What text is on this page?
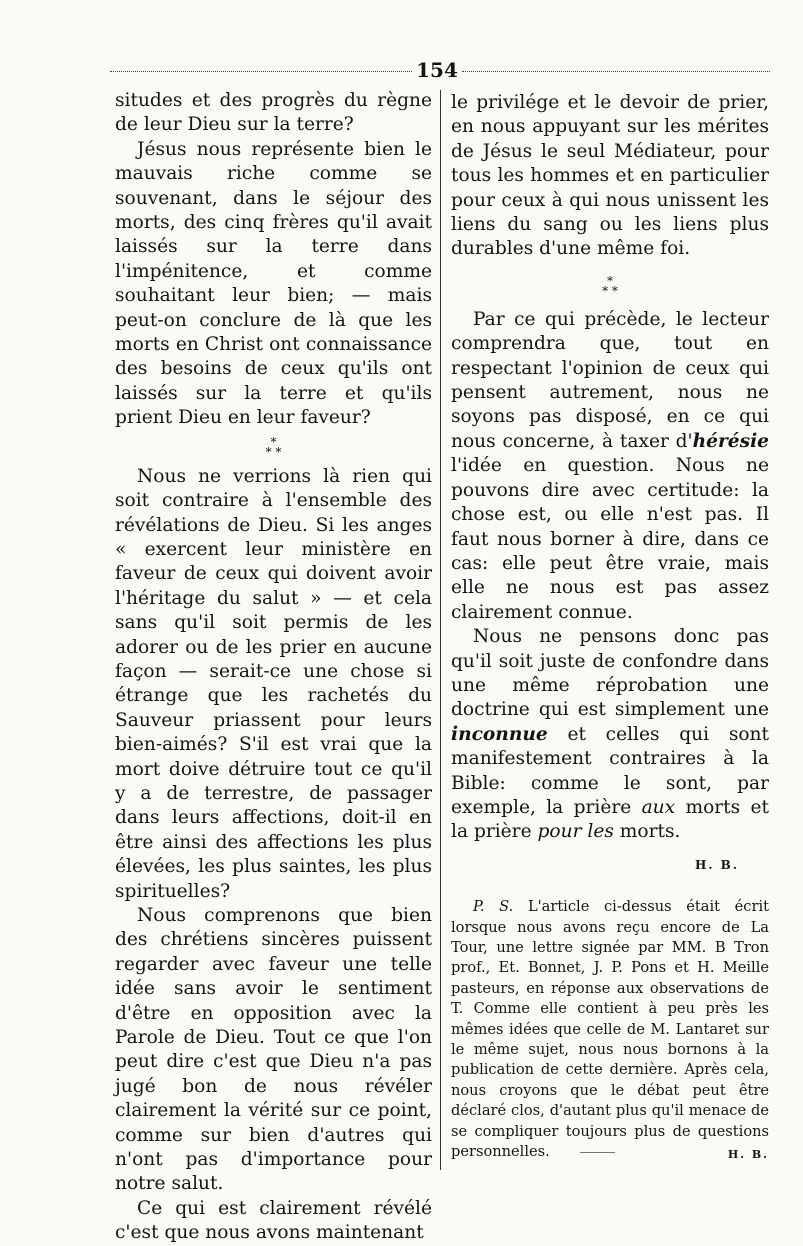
154

situdes et des progrès du règne de leur Dieu sur la terre?

Jésus nous représente bien le mauvais riche comme se souvenant, dans le séjour des morts, des cinq frères qu'il avait laissés sur la terre dans l'impénitence, et comme souhaitant leur bien; — mais peut-on conclure de là que les morts en Christ ont connaissance des besoins de ceux qu'ils ont laissés sur la terre et qu'ils prient Dieu en leur faveur?

*
* *

Nous ne verrions là rien qui soit contraire à l'ensemble des révélations de Dieu. Si les anges « exercent leur ministère en faveur de ceux qui doivent avoir l'héritage du salut » — et cela sans qu'il soit permis de les adorer ou de les prier en aucune façon — serait-ce une chose si étrange que les rachetés du Sauveur priassent pour leurs bien-aimés? S'il est vrai que la mort doive détruire tout ce qu'il y a de terrestre, de passager dans leurs affections, doit-il en être ainsi des affections les plus élevées, les plus saintes, les plus spirituelles?

Nous comprenons que bien des chrétiens sincères puissent regarder avec faveur une telle idée sans avoir le sentiment d'être en opposition avec la Parole de Dieu. Tout ce que l'on peut dire c'est que Dieu n'a pas jugé bon de nous révéler clairement la vérité sur ce point, comme sur bien d'autres qui n'ont pas d'importance pour notre salut.

Ce qui est clairement révélé c'est que nous avons maintenant

le privilége et le devoir de prier, en nous appuyant sur les mérites de Jésus le seul Médiateur, pour tous les hommes et en particulier pour ceux à qui nous unissent les liens du sang ou les liens plus durables d'une même foi.

*
* *

Par ce qui précède, le lecteur comprendra que, tout en respectant l'opinion de ceux qui pensent autrement, nous ne soyons pas disposé, en ce qui nous concerne, à taxer d'hérésie l'idée en question. Nous ne pouvons dire avec certitude: la chose est, ou elle n'est pas. Il faut nous borner à dire, dans ce cas: elle peut être vraie, mais elle ne nous est pas assez clairement connue.

Nous ne pensons donc pas qu'il soit juste de confondre dans une même réprobation une doctrine qui est simplement une inconnue et celles qui sont manifestement contraires à la Bible: comme le sont, par exemple, la prière aux morts et la prière pour les morts.

H. B.

P. S. L'article ci-dessus était écrit lorsque nous avons reçu encore de La Tour, une lettre signée par MM. B Tron prof., Et. Bonnet, J. P. Pons et H. Meille pasteurs, en réponse aux observations de T. Comme elle contient à peu près les mêmes idées que celle de M. Lantaret sur le même sujet, nous nous bornons à la publication de cette dernière. Après cela, nous croyons que le débat peut être déclaré clos, d'autant plus qu'il menace de se compliquer toujours plus de questions personnelles.	H. B.
